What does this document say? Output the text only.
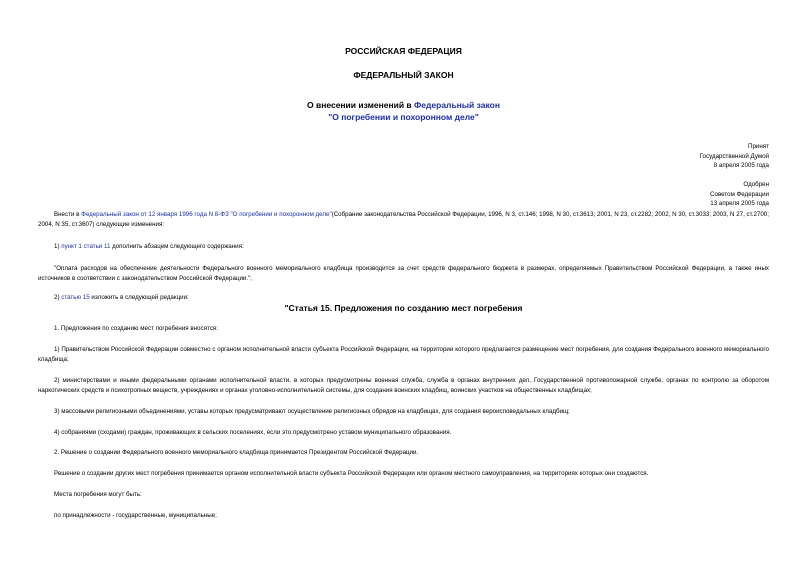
РОССИЙСКАЯ ФЕДЕРАЦИЯ
ФЕДЕРАЛЬНЫЙ ЗАКОН
О внесении изменений в Федеральный закон
"О погребении и похоронном деле"
Принят
Государственной Думой
8 апреля 2005 года
Одобрен
Советом Федерации
13 апреля 2005 года
Внести в Федеральный закон от 12 января 1996 года N 8-ФЗ "О погребении и похоронном деле"(Собрание законодательства Российской Федерации, 1996, N 3, ст.146; 1998, N 30, ст.3613; 2001, N 23, ст.2282; 2002, N 30, ст.3033; 2003, N 27, ст.2700; 2004, N 35, ст.3607) следующие изменения:
1) пункт 1 статьи 11 дополнить абзацем следующего содержания:
"Оплата расходов на обеспечение деятельности Федерального военного мемориального кладбища производится за счет средств федерального бюджета в размерах, определяемых Правительством Российской Федерации, а также иных источников в соответствии с законодательством Российской Федерации.";
2) статью 15 изложить в следующей редакции:
"Статья 15. Предложения по созданию мест погребения
1. Предложения по созданию мест погребения вносятся:
1) Правительством Российской Федерации совместно с органом исполнительной власти субъекта Российской Федерации, на территории которого предлагается размещение мест погребения, для создания Федерального военного мемориального кладбища;
2) министерствами и иными федеральными органами исполнительной власти, в которых предусмотрены военная служба, служба в органах внутренних дел, Государственной противопожарной службе, органах по контролю за оборотом наркотических средств и психотропных веществ, учреждениях и органах уголовно-исполнительной системы, для создания воинских кладбищ, воинских участков на общественных кладбищах;
3) массовыми религиозными объединениями, уставы которых предусматривают осуществление религиозных обрядов на кладбищах, для создания вероисповедальных кладбищ;
4) собраниями (сходами) граждан, проживающих в сельских поселениях, если это предусмотрено уставом муниципального образования.
2. Решение о создании Федерального военного мемориального кладбища принимается Президентом Российской Федерации.
Решение о создании других мест погребения принимается органом исполнительной власти субъекта Российской Федерации или органом местного самоуправления, на территориях которых они создаются.
Места погребения могут быть:
по принадлежности - государственные, муниципальные;
